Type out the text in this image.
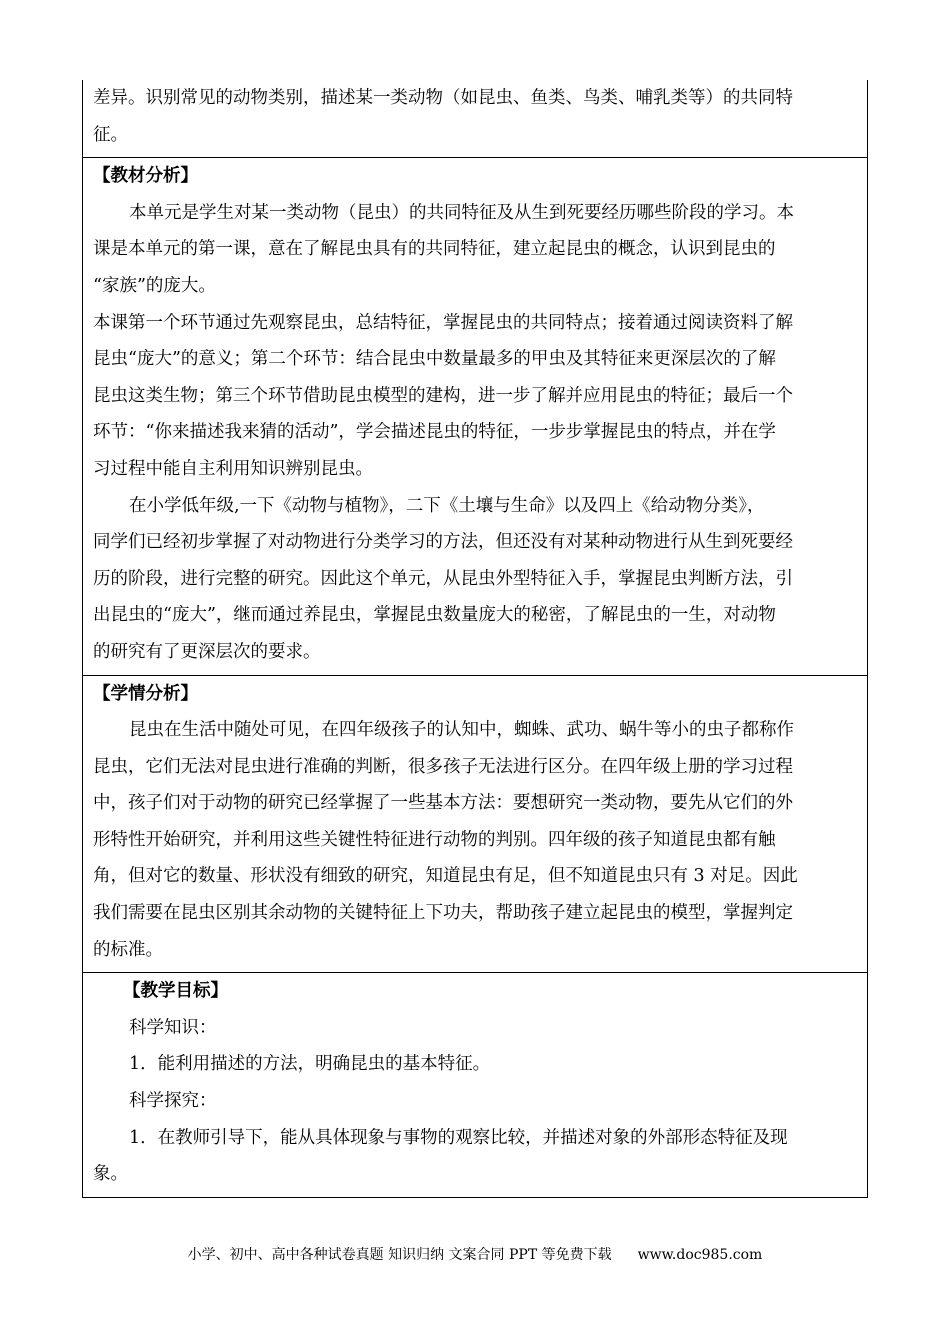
差异。识别常见的动物类别，描述某一类动物（如昆虫、鱼类、鸟类、哺乳类等）的共同特
征。
【教材分析】
本单元是学生对某一类动物（昆虫）的共同特征及从生到死要经历哪些阶段的学习。本
课是本单元的第一课，意在了解昆虫具有的共同特征，建立起昆虫的概念，认识到昆虫的
“家族”的庞大。
本课第一个环节通过先观察昆虫，总结特征，掌握昆虫的共同特点；接着通过阅读资料了解
昆虫“庞大”的意义；第二个环节：结合昆虫中数量最多的甲虫及其特征来更深层次的了解
昆虫这类生物；第三个环节借助昆虫模型的建构，进一步了解并应用昆虫的特征；最后一个
环节：“你来描述我来猜的活动”，学会描述昆虫的特征，一步步掌握昆虫的特点，并在学
习过程中能自主利用知识辨别昆虫。
在小学低年级,一下《动物与植物》，二下《土壤与生命》以及四上《给动物分类》，
同学们已经初步掌握了对动物进行分类学习的方法，但还没有对某种动物进行从生到死要经
历的阶段，进行完整的研究。因此这个单元，从昆虫外型特征入手，掌握昆虫判断方法，引
出昆虫的“庞大”，继而通过养昆虫，掌握昆虫数量庞大的秘密，了解昆虫的一生，对动物
的研究有了更深层次的要求。
【学情分析】
昆虫在生活中随处可见，在四年级孩子的认知中，蜘蛛、武功、蜗牛等小的虫子都称作
昆虫，它们无法对昆虫进行准确的判断，很多孩子无法进行区分。在四年级上册的学习过程
中，孩子们对于动物的研究已经掌握了一些基本方法：要想研究一类动物，要先从它们的外
形特性开始研究，并利用这些关键性特征进行动物的判别。四年级的孩子知道昆虫都有触
角，但对它的数量、形状没有细致的研究，知道昆虫有足，但不知道昆虫只有 3 对足。因此
我们需要在昆虫区别其余动物的关键特征上下功夫，帮助孩子建立起昆虫的模型，掌握判定
的标准。
【教学目标】
科学知识：
1．能利用描述的方法，明确昆虫的基本特征。
科学探究：
1．在教师引导下，能从具体现象与事物的观察比较，并描述对象的外部形态特征及现
象。
小学、初中、高中各种试卷真题 知识归纳 文案合同 PPT 等免费下载 www.doc985.com
